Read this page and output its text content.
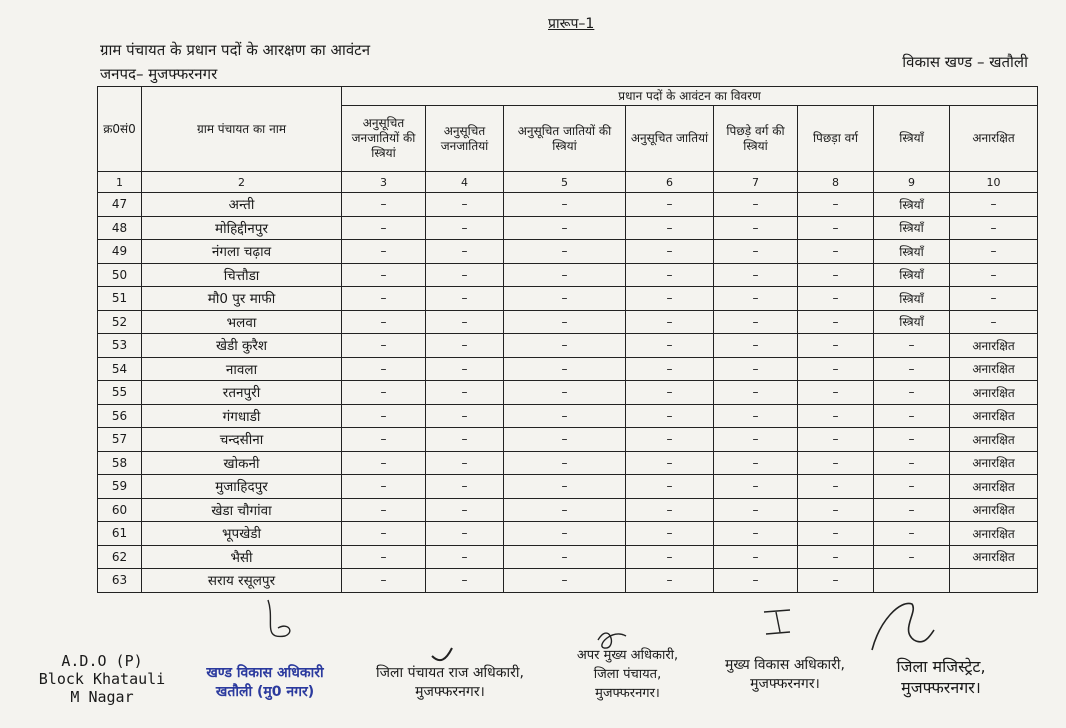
प्रारूप–1
ग्राम पंचायत के प्रधान पदों के आरक्षण का आवंटन
जनपद– मुजफ्फरनगर
विकास खण्ड – खतौली
क्र0सं0	ग्राम पंचायत का नाम	प्रधान पदों के आवंटन का विवरण							
		अनुसूचित जनजातियों की स्त्रियां	अनुसूचित जनजातियां	अनुसूचित जातियों की स्त्रियां	अनुसूचित जातियां	पिछड़े वर्ग की स्त्रियां	पिछड़ा वर्ग	स्त्रियाँ	अनारक्षित
1	2	3	4	5	6	7	8	9	10
47	अन्ती	–	–	–	–	–	–	स्त्रियाँ	–
48	मोहिद्दीनपुर	–	–	–	–	–	–	स्त्रियाँ	–
49	नंगला चढ़ाव	–	–	–	–	–	–	स्त्रियाँ	–
50	चित्तौडा	–	–	–	–	–	–	स्त्रियाँ	–
51	मौ0 पुर माफी	–	–	–	–	–	–	स्त्रियाँ	–
52	भलवा	–	–	–	–	–	–	स्त्रियाँ	–
53	खेडी कुरैश	–	–	–	–	–	–	–	अनारक्षित
54	नावला	–	–	–	–	–	–	–	अनारक्षित
55	रतनपुरी	–	–	–	–	–	–	–	अनारक्षित
56	गंगधाडी	–	–	–	–	–	–	–	अनारक्षित
57	चन्दसीना	–	–	–	–	–	–	–	अनारक्षित
58	खोकनी	–	–	–	–	–	–	–	अनारक्षित
59	मुजाहिदपुर	–	–	–	–	–	–	–	अनारक्षित
60	खेडा चौगांवा	–	–	–	–	–	–	–	अनारक्षित
61	भूपखेडी	–	–	–	–	–	–	–	अनारक्षित
62	भैसी	–	–	–	–	–	–	–	अनारक्षित
63	सराय रसूलपुर	–	–	–	–	–	–		
A.D.O (P)
Block Khatauli
M Nagar
खण्ड विकास अधिकारी
खतौली (मु0 नगर)
जिला पंचायत राज अधिकारी,
मुजफ्फरनगर।
अपर मुख्य अधिकारी,
जिला पंचायत,
मुजफ्फरनगर।
मुख्य विकास अधिकारी,
मुजफ्फरनगर।
जिला मजिस्ट्रेट,
मुजफ्फरनगर।
